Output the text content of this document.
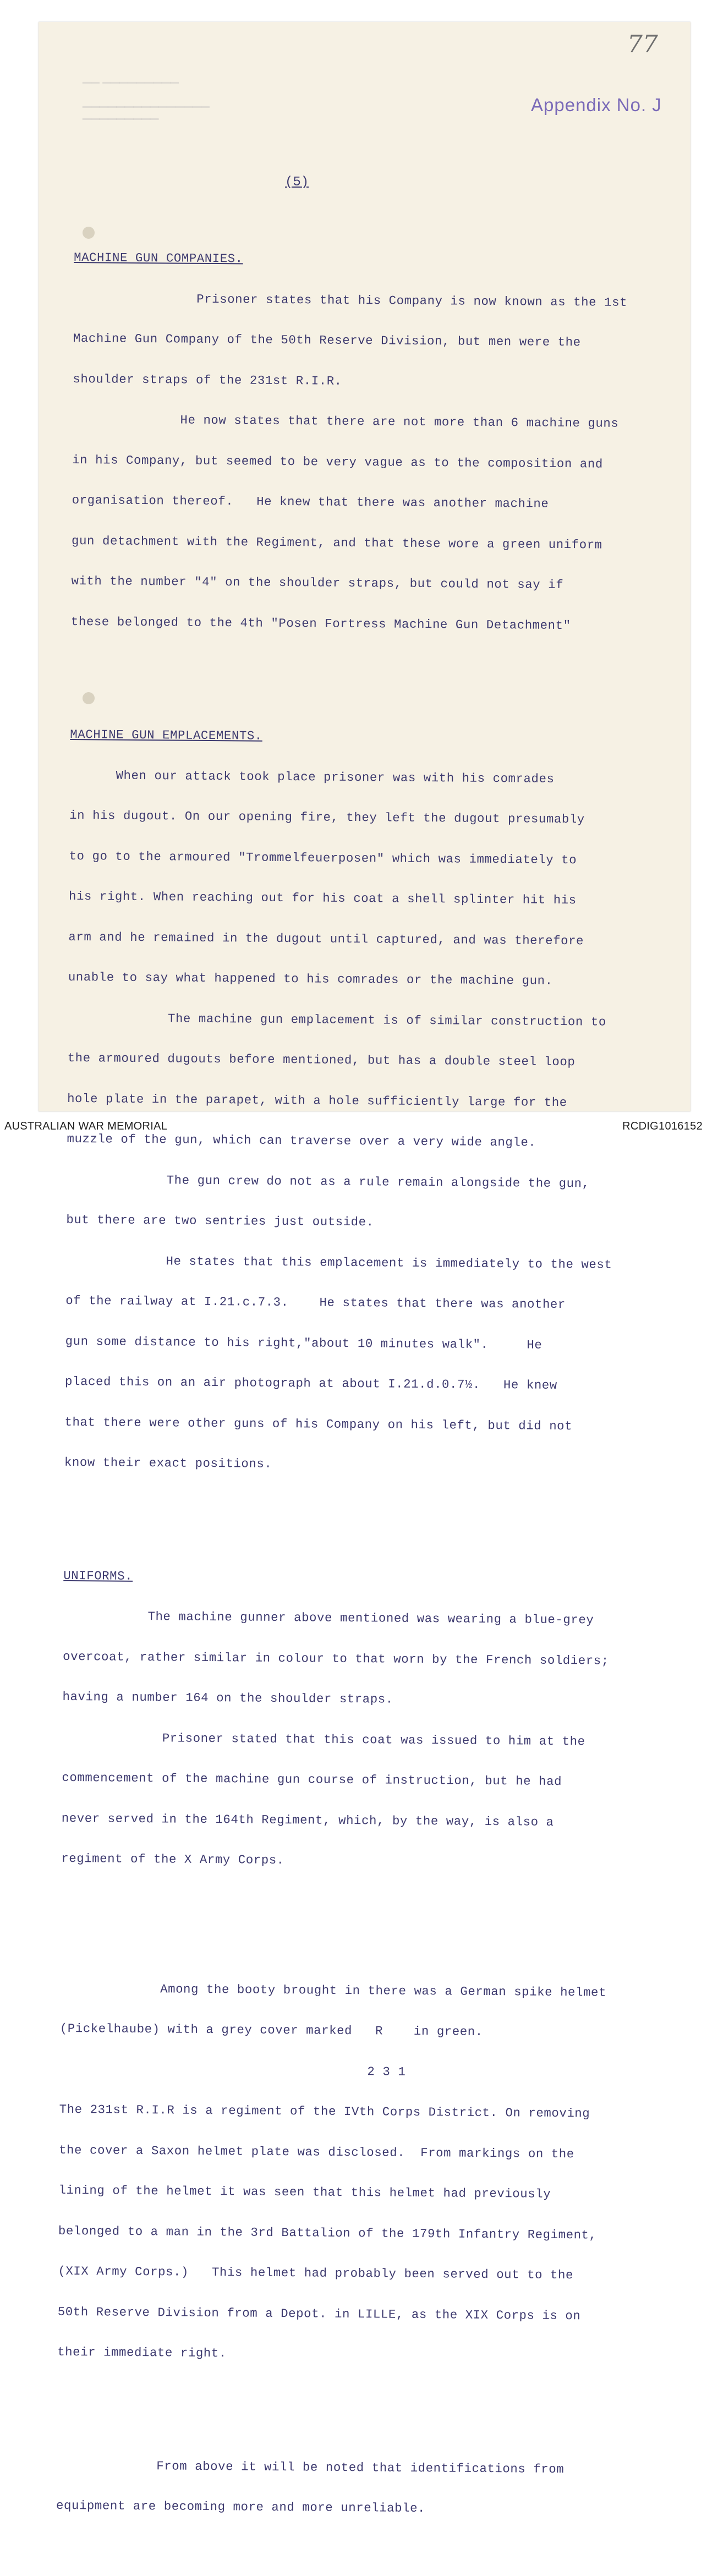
▁▁ ▁▁▁▁▁▁▁▁▁

▁▁▁▁▁▁▁▁▁▁▁▁▁▁▁
▁▁▁▁▁▁▁▁▁
77
Appendix No. J
(5)

MACHINE GUN COMPANIES.

Prisoner states that his Company is now known as the 1st

Machine Gun Company of the 50th Reserve Division, but men were the

shoulder straps of the 231st R.I.R.

He now states that there are not more than 6 machine guns

in his Company, but seemed to be very vague as to the composition and

organisation thereof.   He knew that there was another machine

gun detachment with the Regiment, and that these wore a green uniform

with the number "4" on the shoulder straps, but could not say if

these belonged to the 4th "Posen Fortress Machine Gun Detachment"

MACHINE GUN EMPLACEMENTS.

When our attack took place prisoner was with his comrades

in his dugout. On our opening fire, they left the dugout presumably

to go to the armoured "Trommelfeuerposen" which was immediately to

his right. When reaching out for his coat a shell splinter hit his

arm and he remained in the dugout until captured, and was therefore

unable to say what happened to his comrades or the machine gun.

The machine gun emplacement is of similar construction to

the armoured dugouts before mentioned, but has a double steel loop

hole plate in the parapet, with a hole sufficiently large for the

muzzle of the gun, which can traverse over a very wide angle.

The gun crew do not as a rule remain alongside the gun,

but there are two sentries just outside.

He states that this emplacement is immediately to the west

of the railway at I.21.c.7.3.    He states that there was another

gun some distance to his right,"about 10 minutes walk".     He

placed this on an air photograph at about I.21.d.0.7½.   He knew

that there were other guns of his Company on his left, but did not

know their exact positions.

UNIFORMS.

The machine gunner above mentioned was wearing a blue-grey

overcoat, rather similar in colour to that worn by the French soldiers;

having a number 164 on the shoulder straps.

Prisoner stated that this coat was issued to him at the

commencement of the machine gun course of instruction, but he had

never served in the 164th Regiment, which, by the way, is also a

regiment of the X Army Corps.

Among the booty brought in there was a German spike helmet

(Pickelhaube) with a grey cover marked   R    in green.

2 3 1

The 231st R.I.R is a regiment of the IVth Corps District. On removing

the cover a Saxon helmet plate was disclosed.  From markings on the

lining of the helmet it was seen that this helmet had previously

belonged to a man in the 3rd Battalion of the 179th Infantry Regiment,

(XIX Army Corps.)   This helmet had probably been served out to the

50th Reserve Division from a Depot. in LILLE, as the XIX Corps is on

their immediate right.

From above it will be noted that identifications from

equipment are becoming more and more unreliable.

AUSTRALIAN WAR MEMORIAL	RCDIG1016152
